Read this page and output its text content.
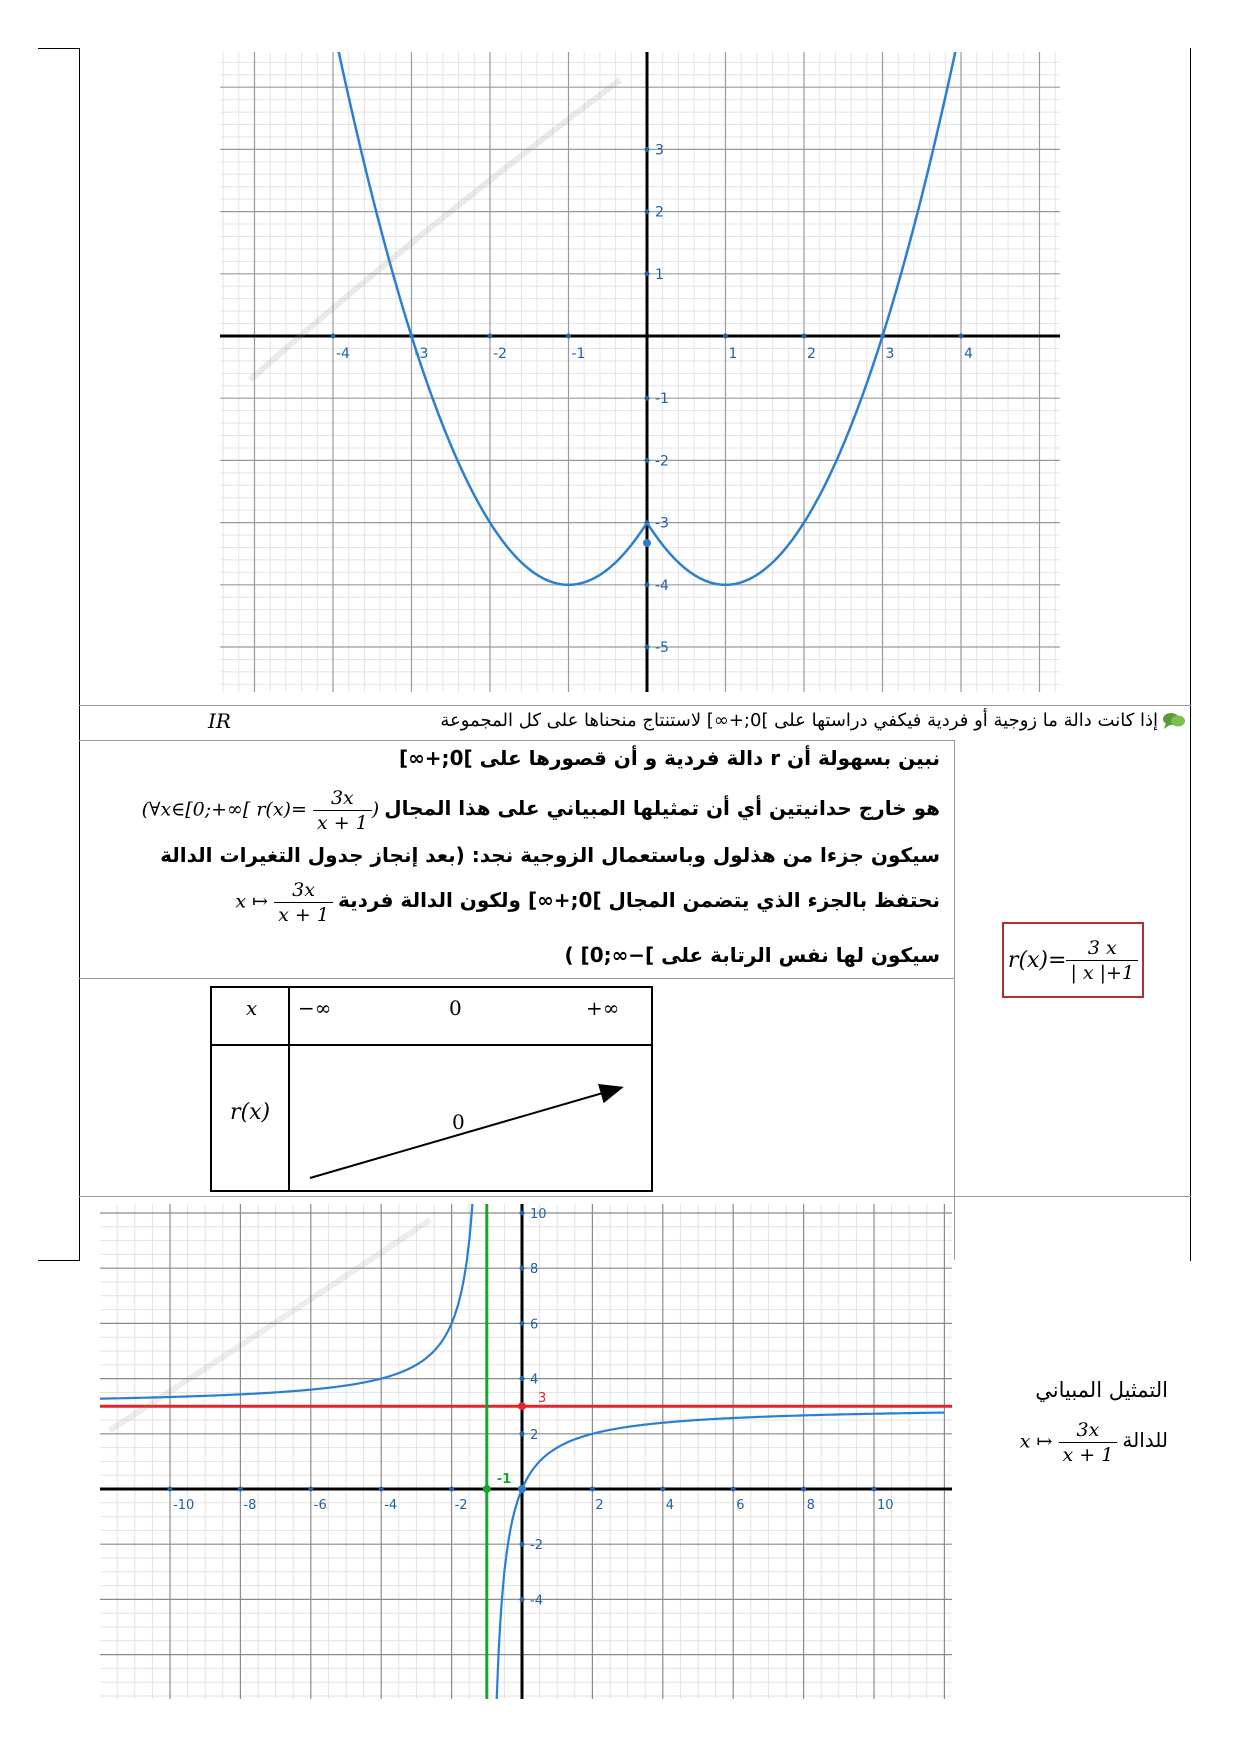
-4	-3	-2	-1	1	2	3	4
3
2
1
-1
-2
-3
-4
-5
إذا كانت دالة ما زوجية أو فردية فيكفي دراستها على ]0;+∞] لاستنتاج منحناها على كل المجموعة
IR
نبين بسهولة أن r دالة فردية و أن قصورها على ]0;+∞]
هو خارج حدانيتين أي أن تمثيلها المبياني على هذا المجال (∀x∈[0;+∞[ $r(x)= \frac{3x}{x + 1}$ )
سيكون جزءا من هذلول وباستعمال الزوجية نجد: (بعد إنجاز جدول التغيرات الدالة
نحتفظ بالجزء الذي يتضمن المجال ]0;+∞] ولكون الدالة فردية x ↦ $\frac{3x}{x + 1}$
سيكون لها نفس الرتابة على ]−∞;0] )	$r(x)= \frac{3 x}{| x |+1}$
x −∞	0	+∞
r(x)	0
-10	-8	-6	-4	-2	2	4	6	8	10
10
8
6
4
2
-2
-4
3
-1
التمثيل المبياني
للدالة x ↦ $\frac{3x}{x + 1}$
